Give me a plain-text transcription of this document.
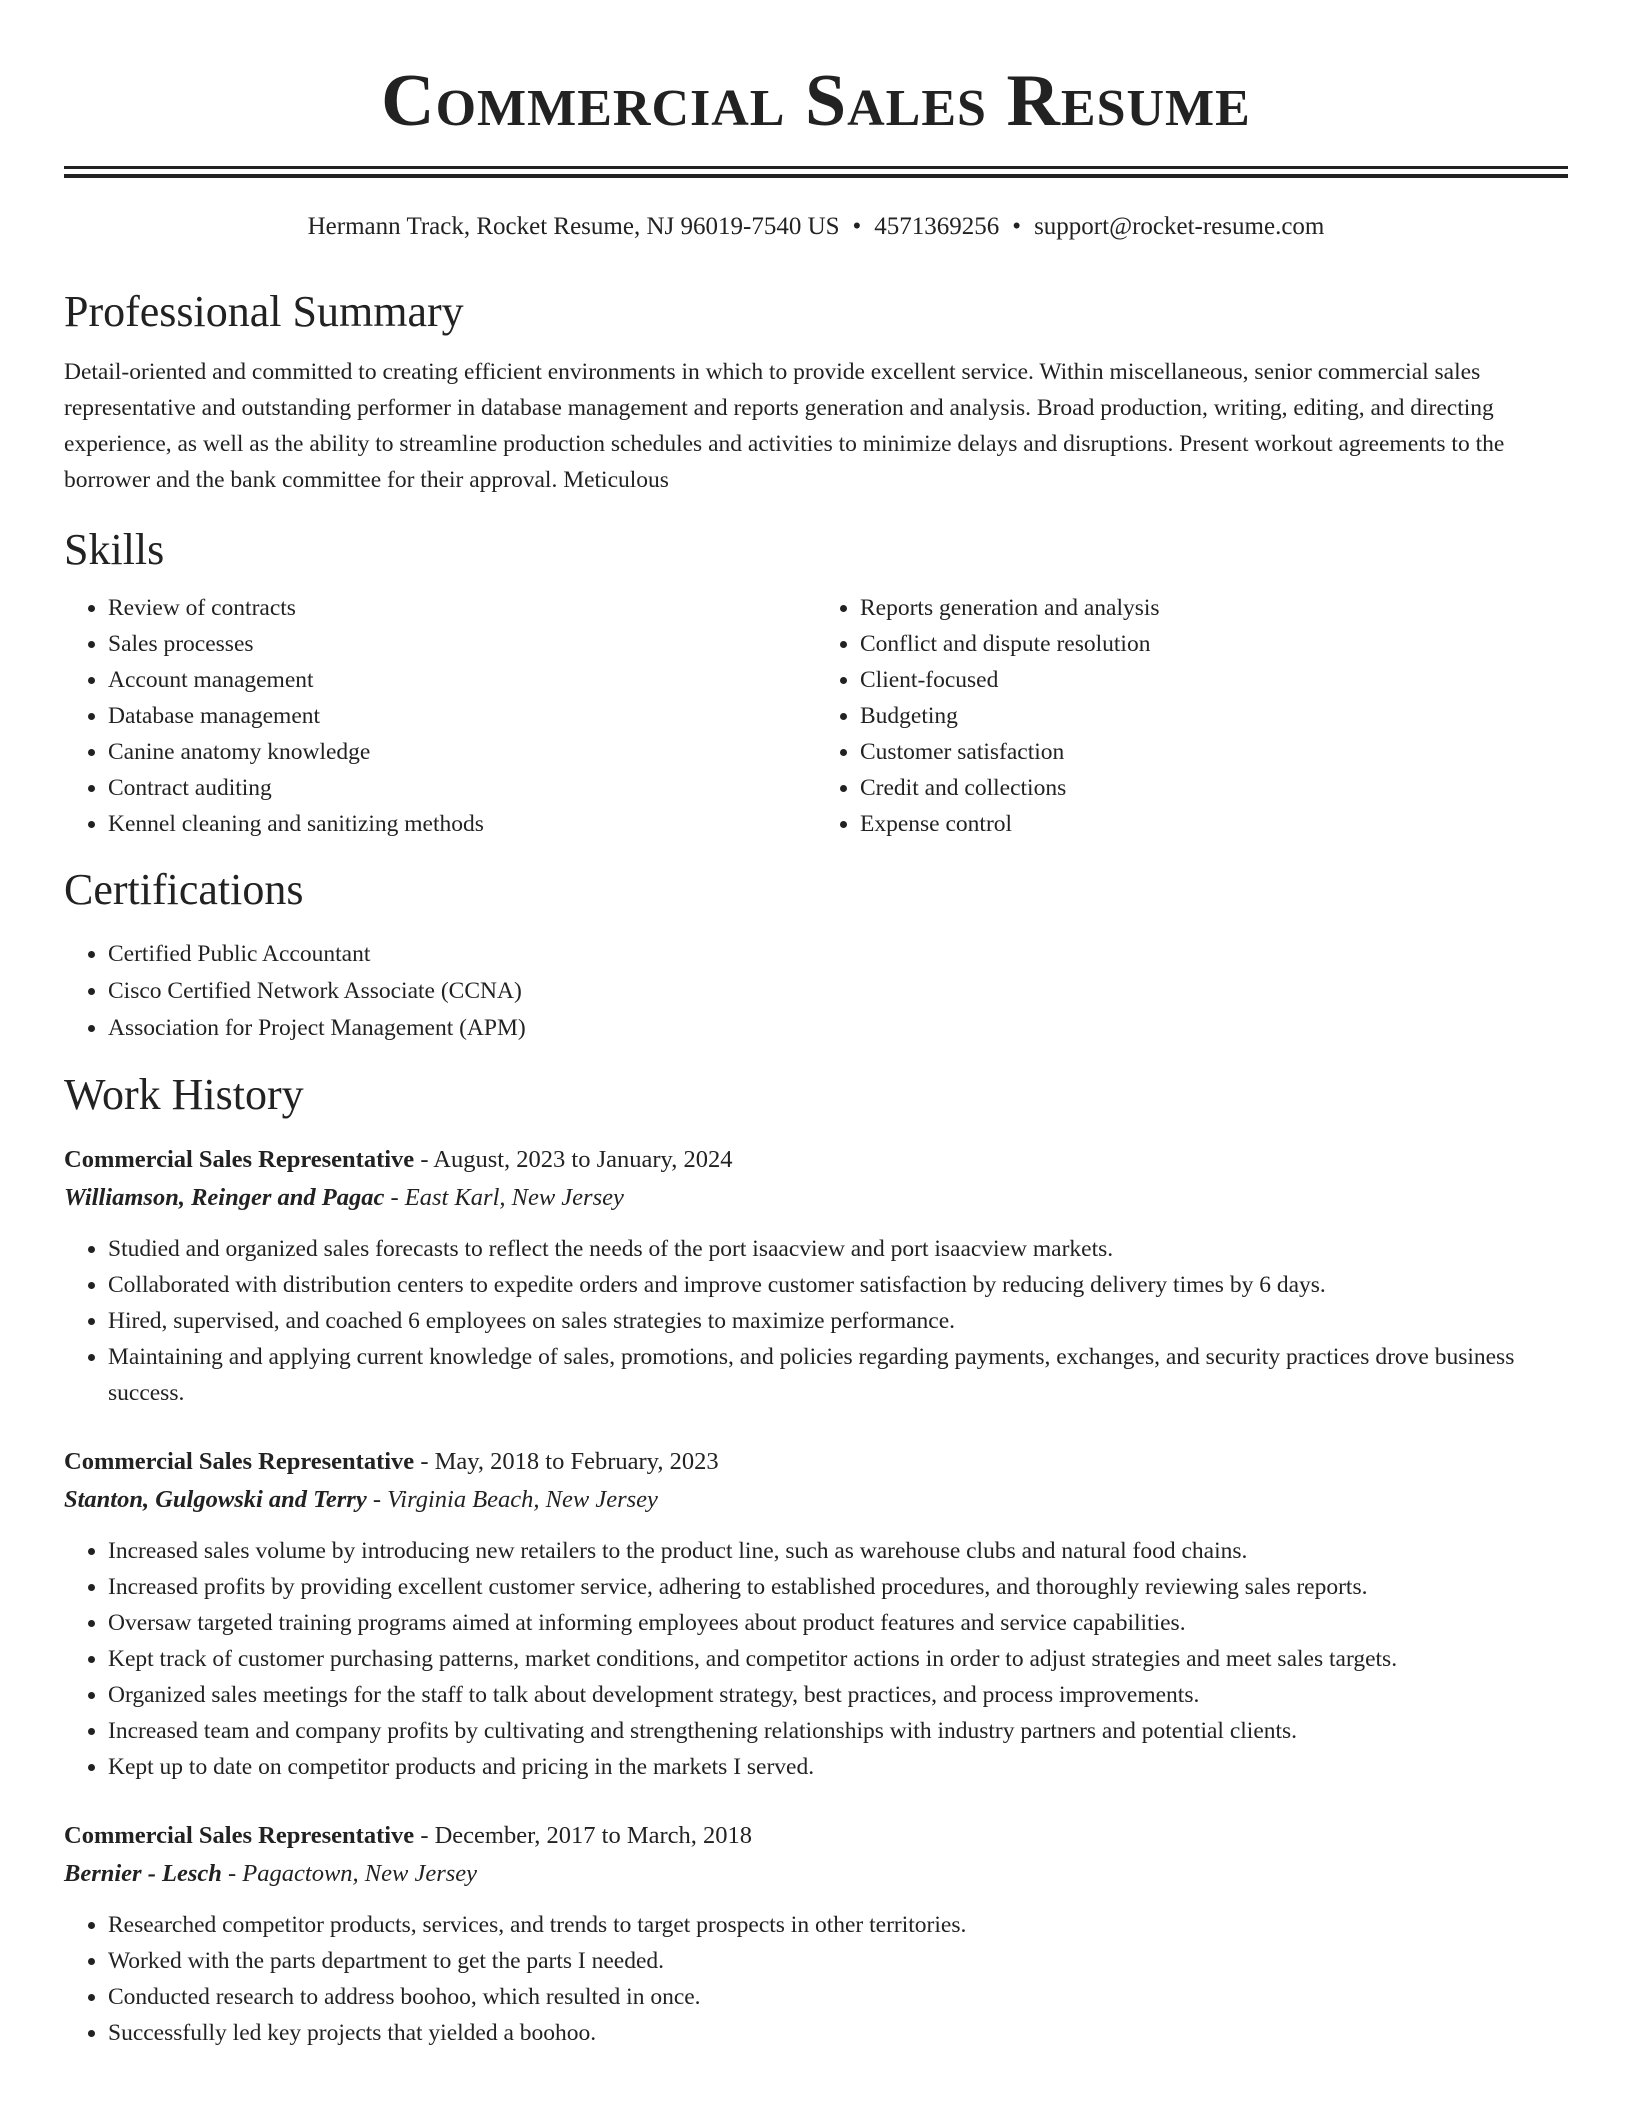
Commercial Sales Resume
Hermann Track, Rocket Resume, NJ 96019-7540 US • 4571369256 • support@rocket-resume.com
Professional Summary

Detail-oriented and committed to creating efficient environments in which to provide excellent service. Within miscellaneous, senior commercial sales representative and outstanding performer in database management and reports generation and analysis. Broad production, writing, editing, and directing experience, as well as the ability to streamline production schedules and activities to minimize delays and disruptions. Present workout agreements to the borrower and the bank committee for their approval. Meticulous

Skills
• Review of contracts
• Sales processes
• Account management
• Database management
• Canine anatomy knowledge
• Contract auditing
• Kennel cleaning and sanitizing methods
• Reports generation and analysis
• Conflict and dispute resolution
• Client-focused
• Budgeting
• Customer satisfaction
• Credit and collections
• Expense control
Certifications
• Certified Public Accountant
• Cisco Certified Network Associate (CCNA)
• Association for Project Management (APM)
Work History
Commercial Sales Representative - August, 2023 to January, 2024
Williamson, Reinger and Pagac - East Karl, New Jersey
• Studied and organized sales forecasts to reflect the needs of the port isaacview and port isaacview markets.
• Collaborated with distribution centers to expedite orders and improve customer satisfaction by reducing delivery times by 6 days.
• Hired, supervised, and coached 6 employees on sales strategies to maximize performance.
• Maintaining and applying current knowledge of sales, promotions, and policies regarding payments, exchanges, and security practices drove business success.
Commercial Sales Representative - May, 2018 to February, 2023
Stanton, Gulgowski and Terry - Virginia Beach, New Jersey
• Increased sales volume by introducing new retailers to the product line, such as warehouse clubs and natural food chains.
• Increased profits by providing excellent customer service, adhering to established procedures, and thoroughly reviewing sales reports.
• Oversaw targeted training programs aimed at informing employees about product features and service capabilities.
• Kept track of customer purchasing patterns, market conditions, and competitor actions in order to adjust strategies and meet sales targets.
• Organized sales meetings for the staff to talk about development strategy, best practices, and process improvements.
• Increased team and company profits by cultivating and strengthening relationships with industry partners and potential clients.
• Kept up to date on competitor products and pricing in the markets I served.
Commercial Sales Representative - December, 2017 to March, 2018
Bernier - Lesch - Pagactown, New Jersey
• Researched competitor products, services, and trends to target prospects in other territories.
• Worked with the parts department to get the parts I needed.
• Conducted research to address boohoo, which resulted in once.
• Successfully led key projects that yielded a boohoo.
